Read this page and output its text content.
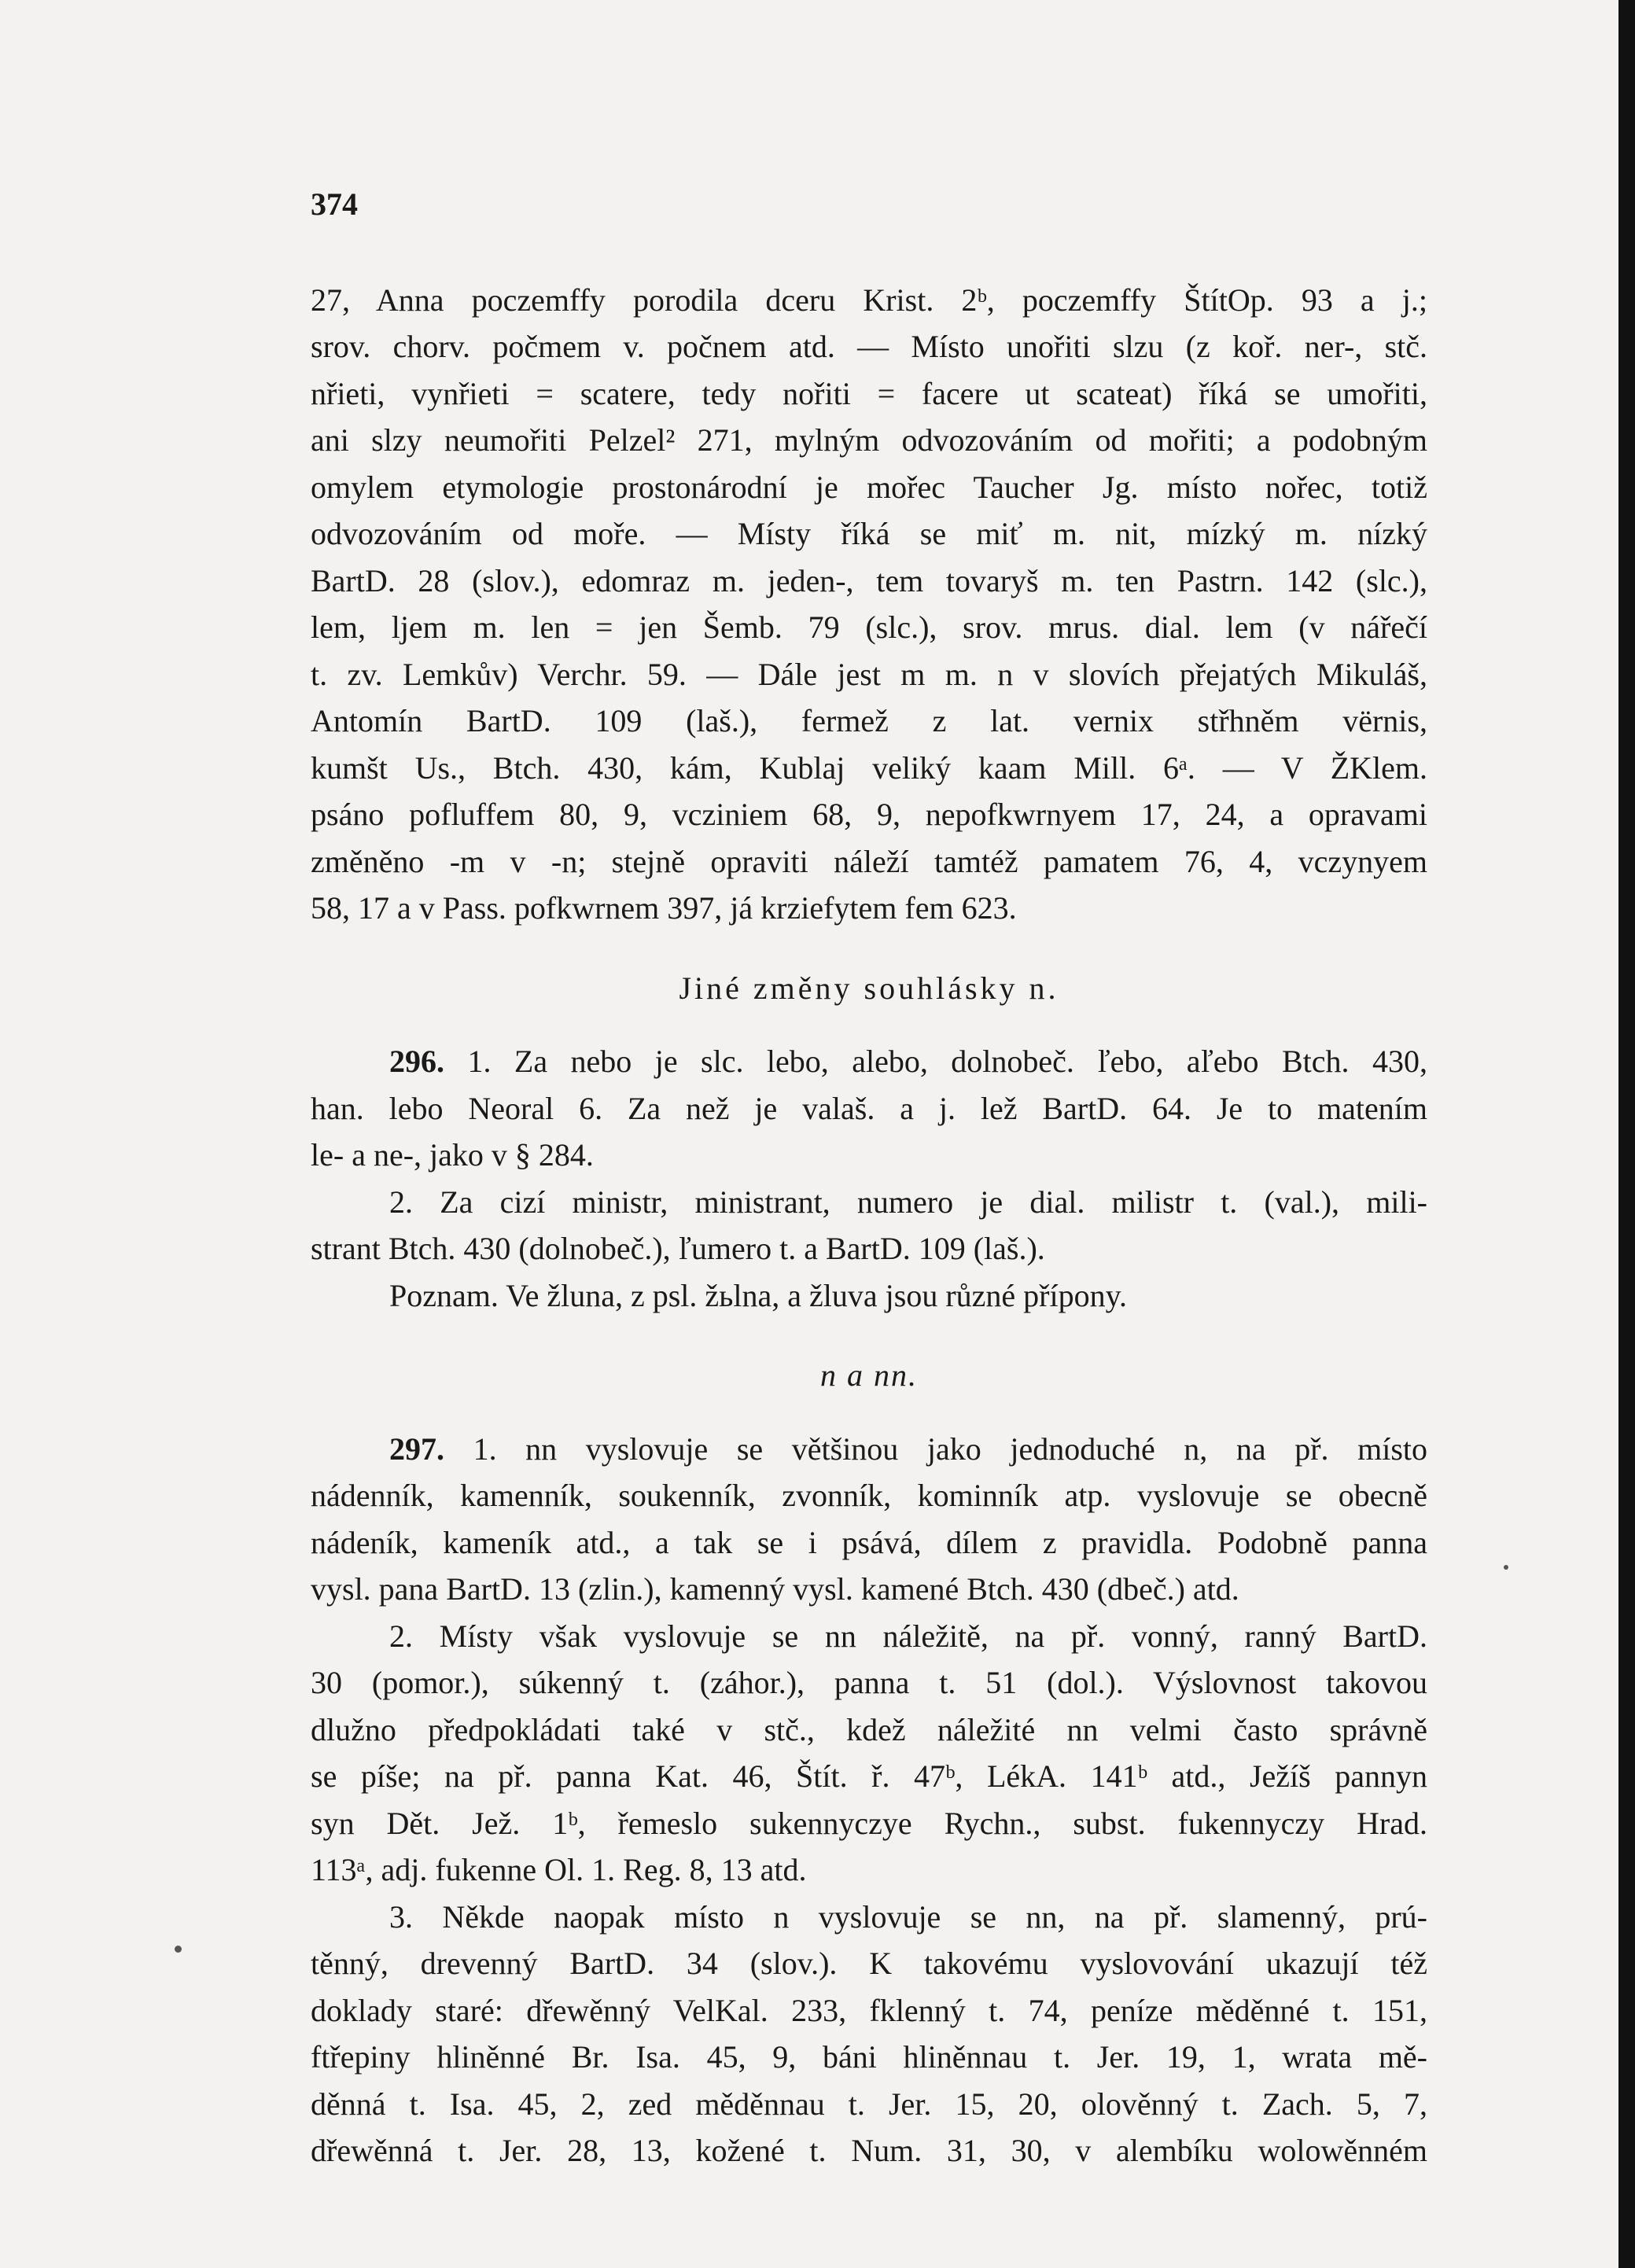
374
27, Anna poczemffy porodila dceru Krist. 2ᵇ, poczemffy ŠtítOp. 93 a j.;
srov. chorv. počmem v. počnem atd. — Místo unořiti slzu (z koř. ner-, stč.
nřieti, vynřieti = scatere, tedy nořiti = facere ut scateat) říká se umořiti,
ani slzy neumořiti Pelzel² 271, mylným odvozováním od mořiti; a podobným
omylem etymologie prostonárodní je mořec Taucher Jg. místo nořec, totiž
odvozováním od moře. — Místy říká se miť m. nit, mízký m. nízký
BartD. 28 (slov.), edomraz m. jeden-, tem tovaryš m. ten Pastrn. 142 (slc.),
lem, ljem m. len = jen Šemb. 79 (slc.), srov. mrus. dial. lem (v nářečí
t. zv. Lemkův) Verchr. 59. — Dále jest m m. n v slovích přejatých Mikuláš,
Antomín BartD. 109 (laš.), fermež z lat. vernix střhněm vërnis,
kumšt Us., Btch. 430, kám, Kublaj veliký kaam Mill. 6ᵃ. — V ŽKlem.
psáno pofluffem 80, 9, vcziniem 68, 9, nepofkwrnyem 17, 24, a opravami
změněno -m v -n; stejně opraviti náleží tamtéž pamatem 76, 4, vczynyem
58, 17 a v Pass. pofkwrnem 397, já krziefytem fem 623.
Jiné změny souhlásky n.
296. 1. Za nebo je slc. lebo, alebo, dolnobeč. ľebo, aľebo Btch. 430,
han. lebo Neoral 6. Za než je valaš. a j. lež BartD. 64. Je to matením
le- a ne-, jako v § 284.
2. Za cizí ministr, ministrant, numero je dial. milistr t. (val.), mili-
strant Btch. 430 (dolnobeč.), ľumero t. a BartD. 109 (laš.).
Poznam. Ve žluna, z psl. žьlna, a žluva jsou různé přípony.
n a nn.
297. 1. nn vyslovuje se většinou jako jednoduché n, na př. místo
nádenník, kamenník, soukenník, zvonník, kominník atp. vyslovuje se obecně
nádeník, kameník atd., a tak se i psává, dílem z pravidla. Podobně panna
vysl. pana BartD. 13 (zlin.), kamenný vysl. kamené Btch. 430 (dbeč.) atd.
2. Místy však vyslovuje se nn náležitě, na př. vonný, ranný BartD.
30 (pomor.), súkenný t. (záhor.), panna t. 51 (dol.). Výslovnost takovou
dlužno předpokládati také v stč., kdež náležité nn velmi často správně
se píše; na př. panna Kat. 46, Štít. ř. 47ᵇ, LékA. 141ᵇ atd., Ježíš pannyn
syn Dět. Jež. 1ᵇ, řemeslo sukennyczye Rychn., subst. fukennyczy Hrad.
113ᵃ, adj. fukenne Ol. 1. Reg. 8, 13 atd.
3. Někde naopak místo n vyslovuje se nn, na př. slamenný, prú-
těnný, drevenný BartD. 34 (slov.). K takovému vyslovování ukazují též
doklady staré: dřewěnný VelKal. 233, fklenný t. 74, peníze měděnné t. 151,
ftřepiny hliněnné Br. Isa. 45, 9, báni hliněnnau t. Jer. 19, 1, wrata mě-
děnná t. Isa. 45, 2, zed měděnnau t. Jer. 15, 20, olověnný t. Zach. 5, 7,
dřewěnná t. Jer. 28, 13, kožené t. Num. 31, 30, v alembíku wolowěnném
